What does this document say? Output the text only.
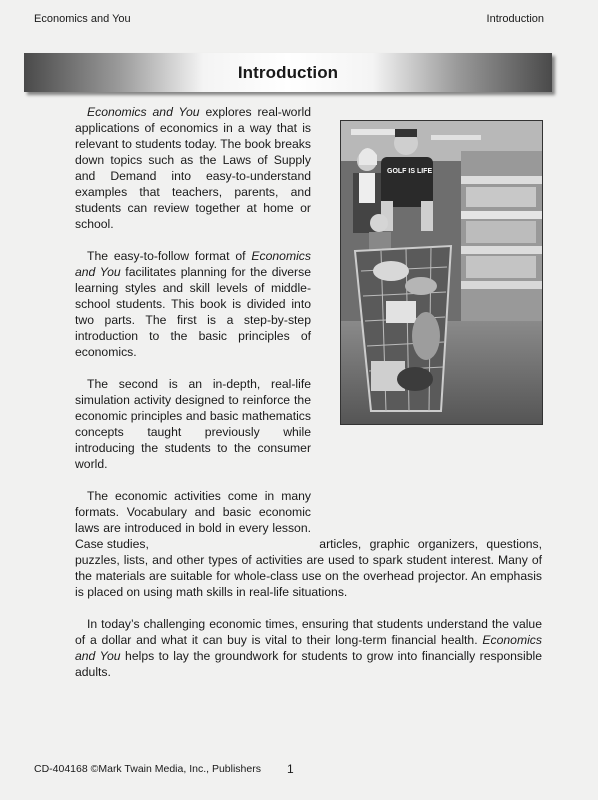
Economics and You	Introduction
Introduction

Economics and You explores real-world applications of economics in a way that is relevant to students today. The book breaks down topics such as the Laws of Supply and Demand into easy-to-understand examples that teachers, parents, and students can review together at home or school.

The easy-to-follow format of Economics and You facilitates planning for the diverse learning styles and skill levels of middle-school students. This book is divided into two parts. The first is a step-by-step introduction to the basic principles of economics.

The second is an in-depth, real-life simulation activity designed to reinforce the economic principles and basic mathematics concepts taught previously while introducing the students to the consumer world.

The economic activities come in many formats. Vocabulary and basic economic laws are introduced in bold in every lesson. Case studies,	articles, graphic organizers, questions, puzzles, lists, and other types of activities are used to spark student interest. Many of the materials are suitable for whole-class use on the overhead projector. An emphasis is placed on using math skills in real-life situations.

In today’s challenging economic times, ensuring that students understand the value of a dollar and what it can buy is vital to their long-term financial health. Economics and You helps to lay the groundwork for students to grow into financially responsible adults.

GOLF IS LIFE
CD-404168 ©Mark Twain Media, Inc., Publishers 1
